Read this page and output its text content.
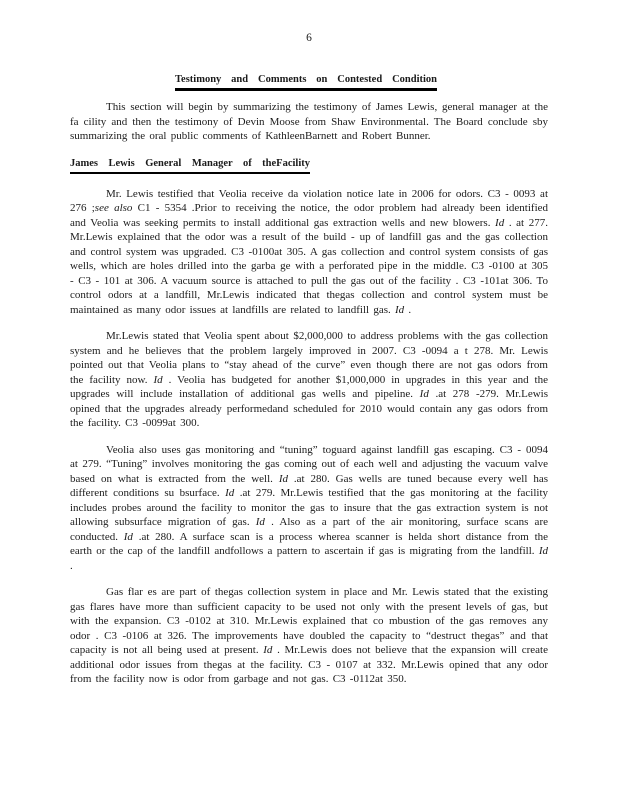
6
Testimony and Comments on Contested Condition

This section will begin by summarizing the testimony of James Lewis, general manager at the fa cility and then the testimony of Devin Moose from Shaw Environmental. The Board conclude sby summarizing the oral public comments of KathleenBarnett and Robert Bunner.

James Lewis General Manager of theFacility

Mr. Lewis testified that Veolia receive da violation notice late in 2006 for odors. C3 - 0093 at 276 ;see also C1 - 5354 .Prior to receiving the notice, the odor problem had already been identified and Veolia was seeking permits to install additional gas extraction wells and new blowers. Id . at 277. Mr.Lewis explained that the odor was a result of the build - up of landfill gas and the gas collection and control system was upgraded. C3 -0100at 305. A gas collection and control system consists of gas wells, which are holes drilled into the garba ge with a perforated pipe in the middle. C3 -0100 at 305 - C3 - 101 at 306. A vacuum source is attached to pull the gas out of the facility . C3 -101at 306. To control odors at a landfill, Mr.Lewis indicated that thegas collection and control system must be maintained as many odor issues at landfills are related to landfill gas. Id .

Mr.Lewis stated that Veolia spent about $2,000,000 to address problems with the gas collection system and he believes that the problem largely improved in 2007. C3 -0094 a t 278. Mr. Lewis pointed out that Veolia plans to “stay ahead of the curve” even though there are not gas odors from the facility now. Id . Veolia has budgeted for another $1,000,000 in upgrades in this year and the upgrades will include installation of additional gas wells and pipeline. Id .at 278 -279. Mr.Lewis opined that the upgrades already performedand scheduled for 2010 would contain any gas odors from the facility. C3 -0099at 300.

Veolia also uses gas monitoring and “tuning” toguard against landfill gas escaping. C3 - 0094 at 279. “Tuning” involves monitoring the gas coming out of each well and adjusting the vacuum valve based on what is extracted from the well. Id .at 280. Gas wells are tuned because every well has different conditions su bsurface. Id .at 279. Mr.Lewis testified that the gas monitoring at the facility includes probes around the facility to monitor the gas to insure that the gas extraction system is not allowing subsurface migration of gas. Id . Also as a part of the air monitoring, surface scans are conducted. Id .at 280. A surface scan is a process wherea scanner is helda short distance from the earth or the cap of the landfill andfollows a pattern to ascertain if gas is migrating from the landfill. Id .

Gas flar es are part of thegas collection system in place and Mr. Lewis stated that the existing gas flares have more than sufficient capacity to be used not only with the present levels of gas, but with the expansion. C3 -0102 at 310. Mr.Lewis explained that co mbustion of the gas removes any odor . C3 -0106 at 326. The improvements have doubled the capacity to “destruct thegas” and that capacity is not all being used at present. Id . Mr.Lewis does not believe that the expansion will create additional odor issues from thegas at the facility. C3 - 0107 at 332. Mr.Lewis opined that any odor from the facility now is odor from garbage and not gas. C3 -0112at 350.
